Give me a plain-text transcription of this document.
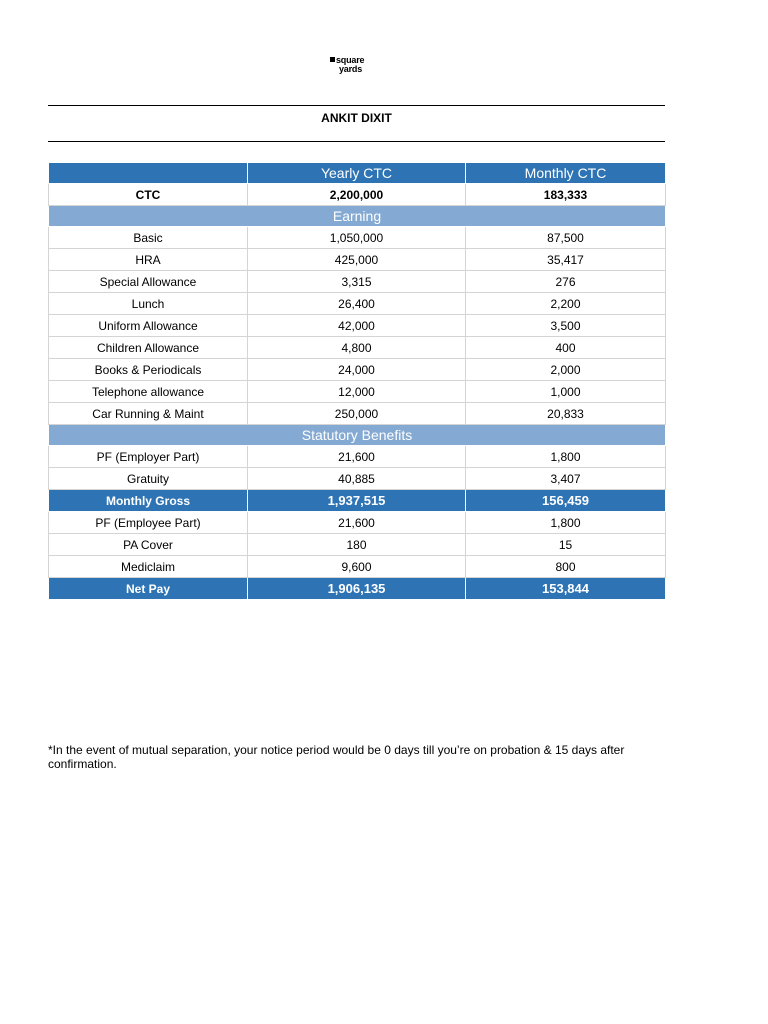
square
yards
ANKIT DIXIT
	Yearly CTC	Monthly CTC
CTC	2,200,000	183,333
Earning		
Basic	1,050,000	87,500
HRA	425,000	35,417
Special Allowance	3,315	276
Lunch	26,400	2,200
Uniform Allowance	42,000	3,500
Children Allowance	4,800	400
Books & Periodicals	24,000	2,000
Telephone allowance	12,000	1,000
Car Running & Maint	250,000	20,833
Statutory Benefits		
PF (Employer Part)	21,600	1,800
Gratuity	40,885	3,407
Monthly Gross	1,937,515	156,459
PF (Employee Part)	21,600	1,800
PA Cover	180	15
Mediclaim	9,600	800
Net Pay	1,906,135	153,844
*In the event of mutual separation, your notice period would be 0 days till you’re on probation & 15 days after confirmation.
